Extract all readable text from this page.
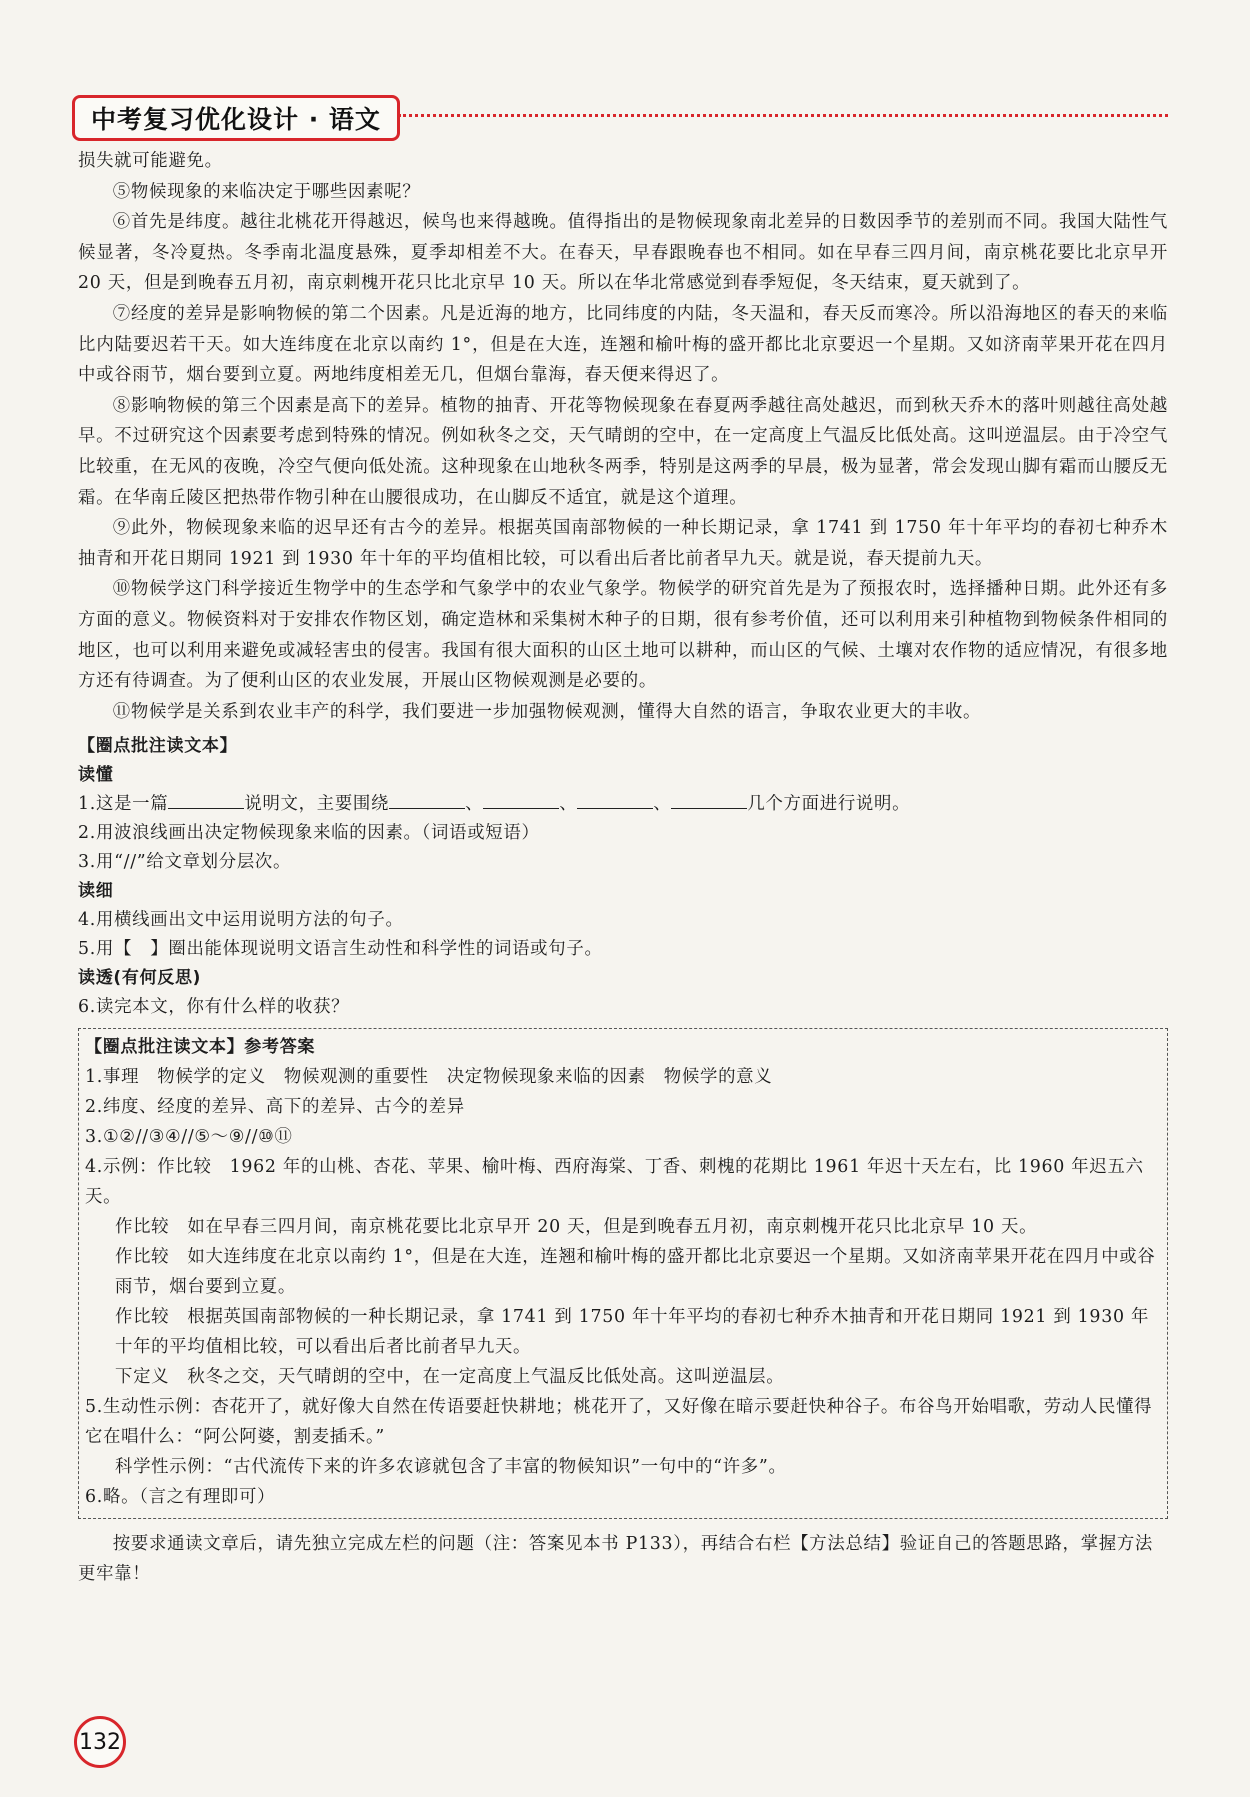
中考复习优化设计 · 语文

损失就可能避免。

⑤物候现象的来临决定于哪些因素呢？

⑥首先是纬度。越往北桃花开得越迟，候鸟也来得越晚。值得指出的是物候现象南北差异的日数因季节的差别而不同。我国大陆性气候显著，冬冷夏热。冬季南北温度悬殊，夏季却相差不大。在春天，早春跟晚春也不相同。如在早春三四月间，南京桃花要比北京早开 20 天，但是到晚春五月初，南京刺槐开花只比北京早 10 天。所以在华北常感觉到春季短促，冬天结束，夏天就到了。

⑦经度的差异是影响物候的第二个因素。凡是近海的地方，比同纬度的内陆，冬天温和，春天反而寒冷。所以沿海地区的春天的来临比内陆要迟若干天。如大连纬度在北京以南约 1°，但是在大连，连翘和榆叶梅的盛开都比北京要迟一个星期。又如济南苹果开花在四月中或谷雨节，烟台要到立夏。两地纬度相差无几，但烟台靠海，春天便来得迟了。

⑧影响物候的第三个因素是高下的差异。植物的抽青、开花等物候现象在春夏两季越往高处越迟，而到秋天乔木的落叶则越往高处越早。不过研究这个因素要考虑到特殊的情况。例如秋冬之交，天气晴朗的空中，在一定高度上气温反比低处高。这叫逆温层。由于冷空气比较重，在无风的夜晚，冷空气便向低处流。这种现象在山地秋冬两季，特别是这两季的早晨，极为显著，常会发现山脚有霜而山腰反无霜。在华南丘陵区把热带作物引种在山腰很成功，在山脚反不适宜，就是这个道理。

⑨此外，物候现象来临的迟早还有古今的差异。根据英国南部物候的一种长期记录，拿 1741 到 1750 年十年平均的春初七种乔木抽青和开花日期同 1921 到 1930 年十年的平均值相比较，可以看出后者比前者早九天。就是说，春天提前九天。

⑩物候学这门科学接近生物学中的生态学和气象学中的农业气象学。物候学的研究首先是为了预报农时，选择播种日期。此外还有多方面的意义。物候资料对于安排农作物区划，确定造林和采集树木种子的日期，很有参考价值，还可以利用来引种植物到物候条件相同的地区，也可以利用来避免或减轻害虫的侵害。我国有很大面积的山区土地可以耕种，而山区的气候、土壤对农作物的适应情况，有很多地方还有待调查。为了便利山区的农业发展，开展山区物候观测是必要的。

⑪物候学是关系到农业丰产的科学，我们要进一步加强物候观测，懂得大自然的语言，争取农业更大的丰收。

【圈点批注读文本】
读懂

1.这是一篇	说明文，主要围绕	、	、	、	几个方面进行说明。

2.用波浪线画出决定物候现象来临的因素。（词语或短语）

3.用“//”给文章划分层次。

读细

4.用横线画出文中运用说明方法的句子。

5.用【　】圈出能体现说明文语言生动性和科学性的词语或句子。

读透(有何反思)

6.读完本文，你有什么样的收获？

【圈点批注读文本】参考答案

1.事理　物候学的定义　物候观测的重要性　决定物候现象来临的因素　物候学的意义

2.纬度、经度的差异、高下的差异、古今的差异

3.①②//③④//⑤～⑨//⑩⑪

4.示例：作比较　1962 年的山桃、杏花、苹果、榆叶梅、西府海棠、丁香、刺槐的花期比 1961 年迟十天左右，比 1960 年迟五六天。

作比较　如在早春三四月间，南京桃花要比北京早开 20 天，但是到晚春五月初，南京刺槐开花只比北京早 10 天。

作比较　如大连纬度在北京以南约 1°，但是在大连，连翘和榆叶梅的盛开都比北京要迟一个星期。又如济南苹果开花在四月中或谷雨节，烟台要到立夏。

作比较　根据英国南部物候的一种长期记录，拿 1741 到 1750 年十年平均的春初七种乔木抽青和开花日期同 1921 到 1930 年十年的平均值相比较，可以看出后者比前者早九天。

下定义　秋冬之交，天气晴朗的空中，在一定高度上气温反比低处高。这叫逆温层。

5.生动性示例：杏花开了，就好像大自然在传语要赶快耕地；桃花开了，又好像在暗示要赶快种谷子。布谷鸟开始唱歌，劳动人民懂得它在唱什么：“阿公阿婆，割麦插禾。”

科学性示例：“古代流传下来的许多农谚就包含了丰富的物候知识”一句中的“许多”。

6.略。（言之有理即可）

按要求通读文章后，请先独立完成左栏的问题（注：答案见本书 P133），再结合右栏【方法总结】验证自己的答题思路，掌握方法更牢靠！

132
